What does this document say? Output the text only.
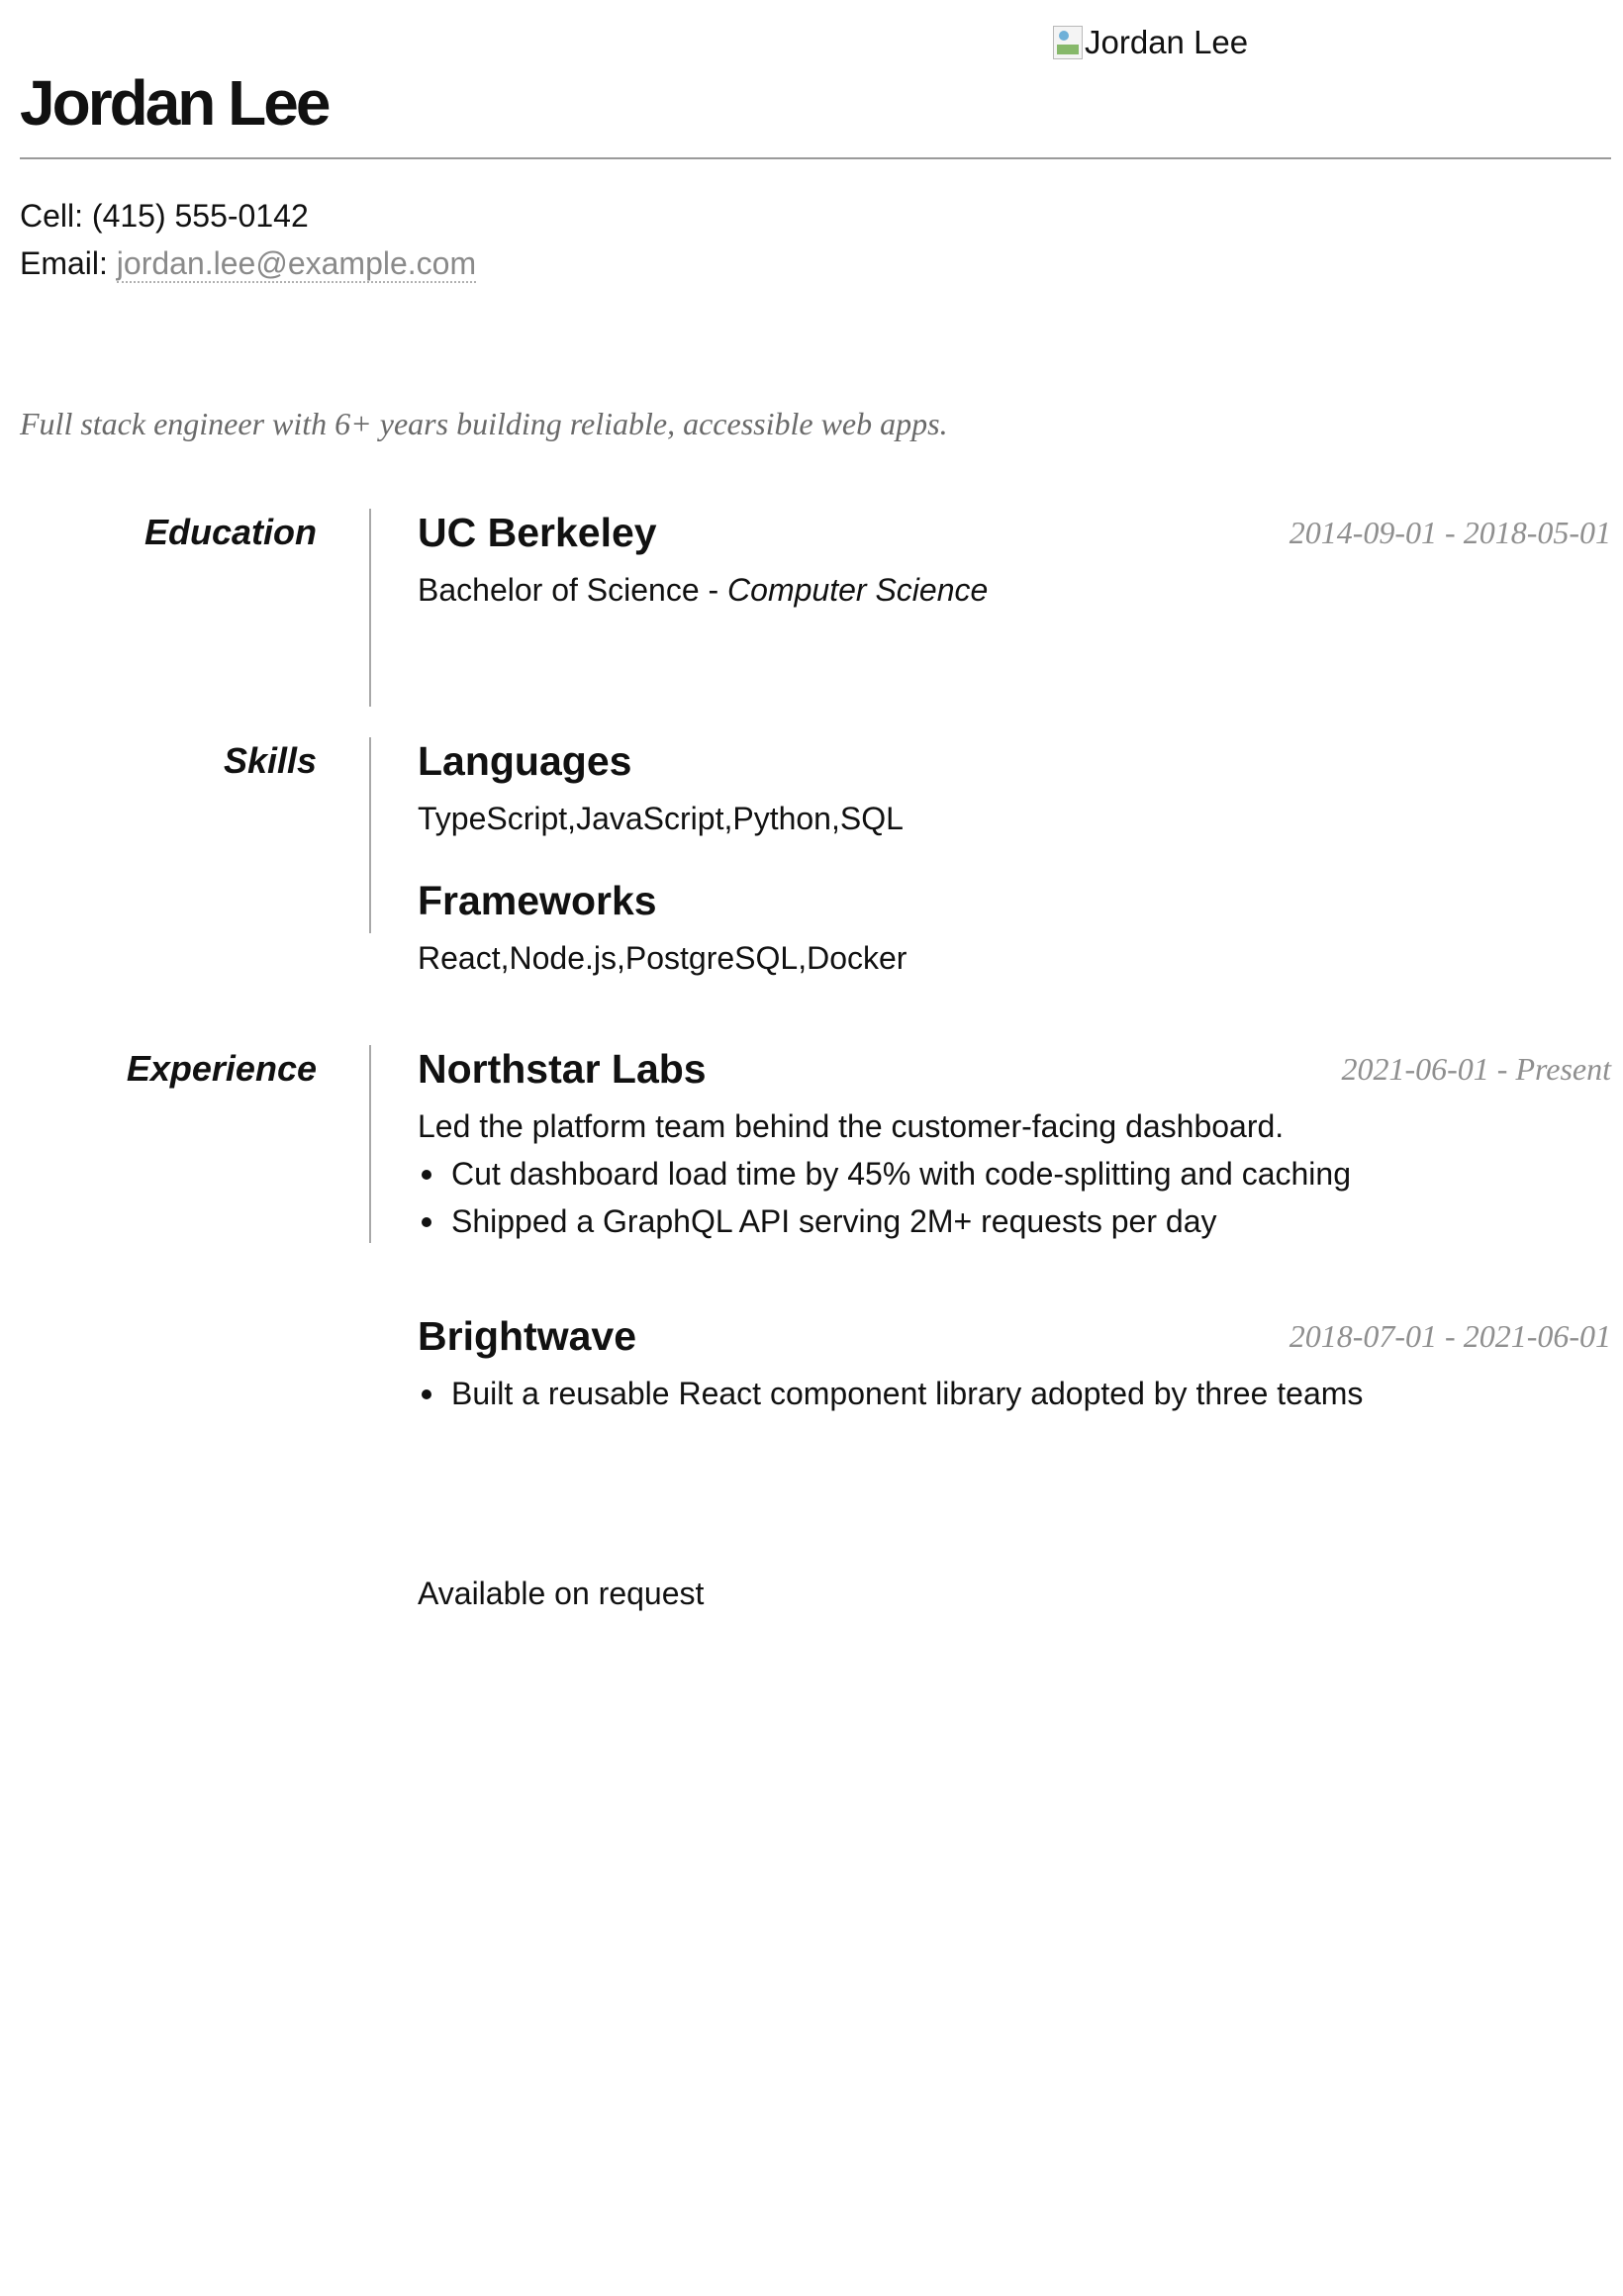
Jordan Lee
Jordan Lee
Cell: (415) 555-0142
Email: jordan.lee@example.com

Full stack engineer with 6+ years building reliable, accessible web apps.

Education UC Berkeley	2014-09-01 - 2018-05-01
Bachelor of Science - Computer Science
Skills Languages
TypeScript,JavaScript,Python,SQL
Frameworks
React,Node.js,PostgreSQL,Docker
Experience Northstar Labs	2021-06-01 - Present
Led the platform team behind the customer-facing dashboard.
Cut dashboard load time by 45% with code-splitting and caching
Shipped a GraphQL API serving 2M+ requests per day
Brightwave	2018-07-01 - 2021-06-01
Built a reusable React component library adopted by three teams
Available on request
